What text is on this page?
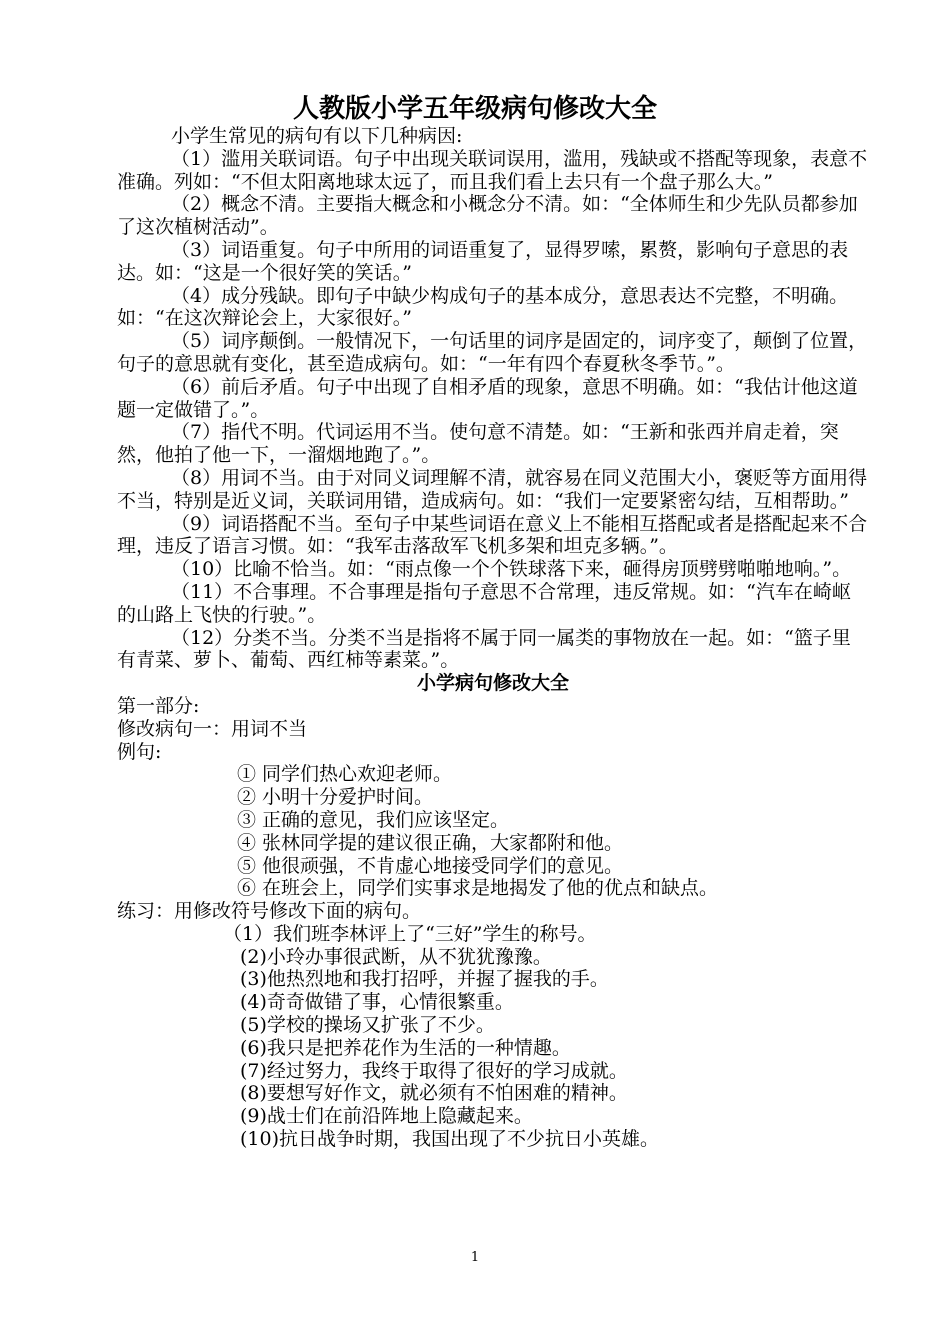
人教版小学五年级病句修改大全

小学生常见的病句有以下几种病因:

（1）滥用关联词语。句子中出现关联词误用，滥用，残缺或不搭配等现象，表意不准确。列如：“不但太阳离地球太远了，而且我们看上去只有一个盘子那么大。”

（2）概念不清。主要指大概念和小概念分不清。如：“全体师生和少先队员都参加了这次植树活动”。

（3）词语重复。句子中所用的词语重复了，显得罗嗦，累赘，影响句子意思的表达。如：“这是一个很好笑的笑话。”

（4）成分残缺。即句子中缺少构成句子的基本成分，意思表达不完整，不明确。如：“在这次辩论会上，大家很好。”

（5）词序颠倒。一般情况下，一句话里的词序是固定的，词序变了，颠倒了位置，句子的意思就有变化，甚至造成病句。如：“一年有四个春夏秋冬季节。”。

（6）前后矛盾。句子中出现了自相矛盾的现象，意思不明确。如：“我估计他这道题一定做错了。”。

（7）指代不明。代词运用不当。使句意不清楚。如：“王新和张西并肩走着，突然，他拍了他一下，一溜烟地跑了。”。

（8）用词不当。由于对同义词理解不清，就容易在同义范围大小，褒贬等方面用得不当，特别是近义词，关联词用错，造成病句。如：“我们一定要紧密勾结，互相帮助。”

（9）词语搭配不当。至句子中某些词语在意义上不能相互搭配或者是搭配起来不合理，违反了语言习惯。如：“我军击落敌军飞机多架和坦克多辆。”。

（10）比喻不恰当。如：“雨点像一个个铁球落下来，砸得房顶劈劈啪啪地响。”。

（11）不合事理。不合事理是指句子意思不合常理，违反常规。如：“汽车在崎岖的山路上飞快的行驶。”。

（12）分类不当。分类不当是指将不属于同一属类的事物放在一起。如：“篮子里有青菜、萝卜、葡萄、西红柿等素菜。”。

小学病句修改大全

第一部分:

修改病句一：用词不当

例句:

① 同学们热心欢迎老师。

② 小明十分爱护时间。

③ 正确的意见，我们应该坚定。

④ 张林同学提的建议很正确，大家都附和他。

⑤ 他很顽强，不肯虚心地接受同学们的意见。

⑥ 在班会上，同学们实事求是地揭发了他的优点和缺点。

练习：用修改符号修改下面的病句。

（1）我们班李林评上了“三好”学生的称号。

(2)小玲办事很武断，从不犹犹豫豫。

(3)他热烈地和我打招呼，并握了握我的手。

(4)奇奇做错了事，心情很繁重。

(5)学校的操场又扩张了不少。

(6)我只是把养花作为生活的一种情趣。

(7)经过努力，我终于取得了很好的学习成就。

(8)要想写好作文，就必须有不怕困难的精神。

(9)战士们在前沿阵地上隐藏起来。

(10)抗日战争时期，我国出现了不少抗日小英雄。

1
